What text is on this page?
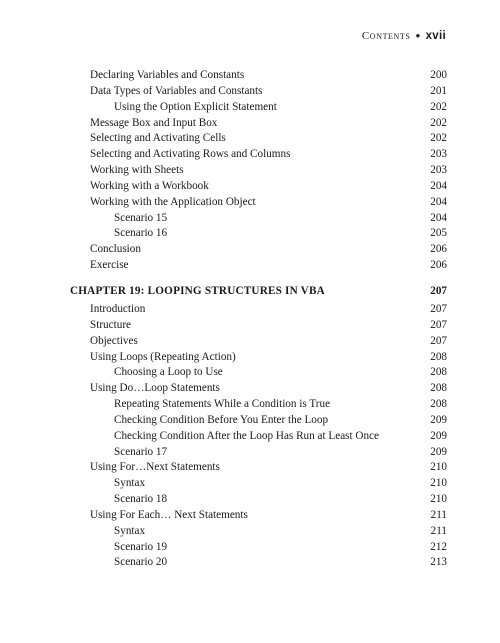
Contents ● xvii
Declaring Variables and Constants	200
Data Types of Variables and Constants	201
Using the Option Explicit Statement	202
Message Box and Input Box	202
Selecting and Activating Cells	202
Selecting and Activating Rows and Columns	203
Working with Sheets	203
Working with a Workbook	204
Working with the Application Object	204
Scenario 15	204
Scenario 16	205
Conclusion	206
Exercise	206
CHAPTER 19: LOOPING STRUCTURES IN VBA	207
Introduction	207
Structure	207
Objectives	207
Using Loops (Repeating Action)	208
Choosing a Loop to Use	208
Using Do…Loop Statements	208
Repeating Statements While a Condition is True	208
Checking Condition Before You Enter the Loop	209
Checking Condition After the Loop Has Run at Least Once	209
Scenario 17	209
Using For…Next Statements	210
Syntax	210
Scenario 18	210
Using For Each… Next Statements	211
Syntax	211
Scenario 19	212
Scenario 20	213
